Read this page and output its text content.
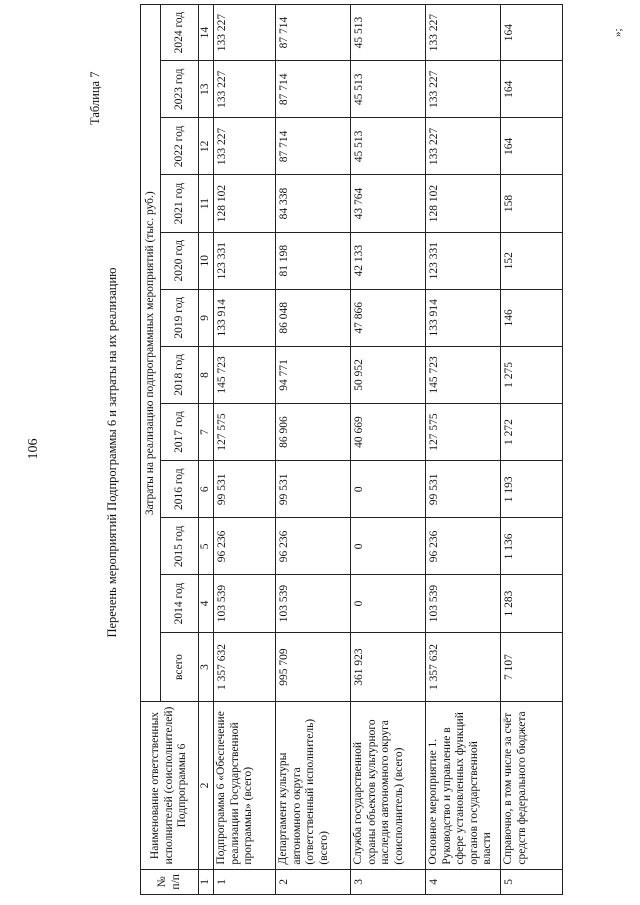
106
Таблица 7
Перечень мероприятий Подпрограммы 6 и затраты на их реализацию
№ п/п	Наименование ответственных исполнителей (соисполнителей) Подпрограммы 6	Затраты на реализацию подпрограммных мероприятий (тыс. руб.)											
		всего	2014 год	2015 год	2016 год	2017 год	2018 год	2019 год	2020 год	2021 год	2022 год	2023 год	2024 год
1	2	3	4	5	6	7	8	9	10	11	12	13	14
1	Подпрограмма 6 «Обеспечение реализации Государственной программы» (всего)	1 357 632	103 539	96 236	99 531	127 575	145 723	133 914	123 331	128 102	133 227	133 227	133 227
2	Департамент культуры автономного округа (ответственный исполнитель) (всего)	995 709	103 539	96 236	99 531	86 906	94 771	86 048	81 198	84 338	87 714	87 714	87 714
3	Служба государственной охраны объектов культурного наследия автономного округа (соисполнитель) (всего)	361 923	0	0	0	40 669	50 952	47 866	42 133	43 764	45 513	45 513	45 513
4	Основное мероприятие 1. Руководство и управление в сфере установленных функций органов государственной власти	1 357 632	103 539	96 236	99 531	127 575	145 723	133 914	123 331	128 102	133 227	133 227	133 227
5	Справочно, в том числе за счёт средств федерального бюджета	7 107	1 283	1 136	1 193	1 272	1 275	146	152	158	164	164	164	»;
